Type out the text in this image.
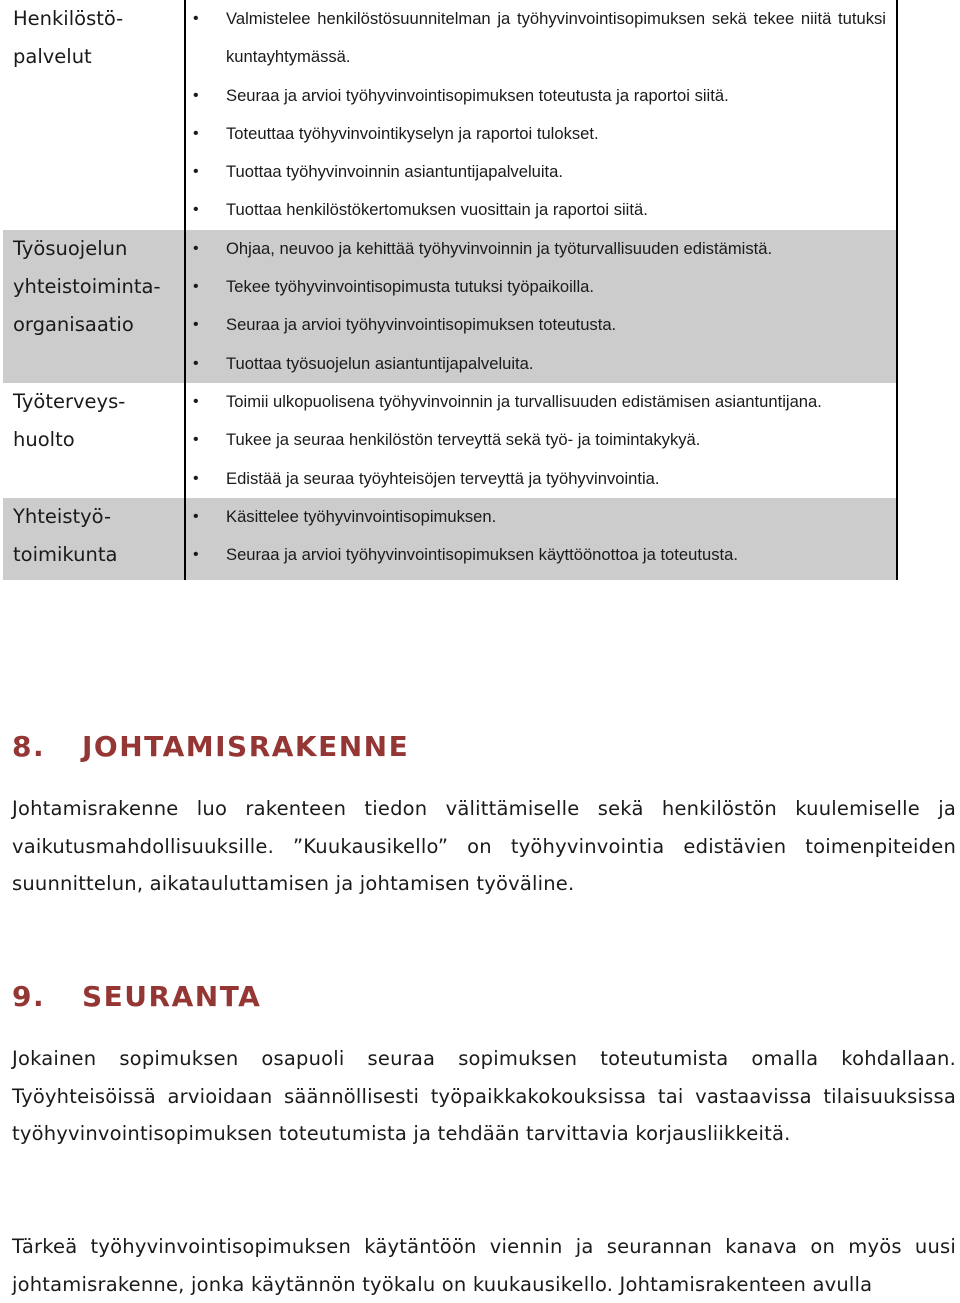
Henkilöstö-
palvelut
• Valmistelee henkilöstösuunnitelman ja työhyvinvointisopimuksen sekä tekee niitä tutuksi kuntayhtymässä.
• Seuraa ja arvioi työhyvinvointisopimuksen toteutusta ja raportoi siitä.
• Toteuttaa työhyvinvointikyselyn ja raportoi tulokset.
• Tuottaa työhyvinvoinnin asiantuntijapalveluita.
• Tuottaa henkilöstökertomuksen vuosittain ja raportoi siitä.
Työsuojelun
yhteistoiminta-
organisaatio
• Ohjaa, neuvoo ja kehittää työhyvinvoinnin ja työturvallisuuden edistämistä.
• Tekee työhyvinvointisopimusta tutuksi työpaikoilla.
• Seuraa ja arvioi työhyvinvointisopimuksen toteutusta.
• Tuottaa työsuojelun asiantuntijapalveluita.
Työterveys-
huolto
• Toimii ulkopuolisena työhyvinvoinnin ja turvallisuuden edistämisen asiantuntijana.
• Tukee ja seuraa henkilöstön terveyttä sekä työ- ja toimintakykyä.
• Edistää ja seuraa työyhteisöjen terveyttä ja työhyvinvointia.
Yhteistyö-
toimikunta
• Käsittelee työhyvinvointisopimuksen.
• Seuraa ja arvioi työhyvinvointisopimuksen käyttöönottoa ja toteutusta.
8. JOHTAMISRAKENNE
Johtamisrakenne luo rakenteen tiedon välittämiselle sekä henkilöstön kuulemiselle ja vaikutusmahdollisuuksille. ”Kuukausikello” on työhyvinvointia edistävien toimenpiteiden suunnittelun, aikatauluttamisen ja johtamisen työväline.
9. SEURANTA
Jokainen sopimuksen osapuoli seuraa sopimuksen toteutumista omalla kohdallaan. Työyhteisöissä arvioidaan säännöllisesti työpaikkakokouksissa tai vastaavissa tilaisuuksissa työhyvinvointisopimuksen toteutumista ja tehdään tarvittavia korjausliikkeitä.
Tärkeä työhyvinvointisopimuksen käytäntöön viennin ja seurannan kanava on myös uusi johtamisrakenne, jonka käytännön työkalu on kuukausikello. Johtamisrakenteen avulla
